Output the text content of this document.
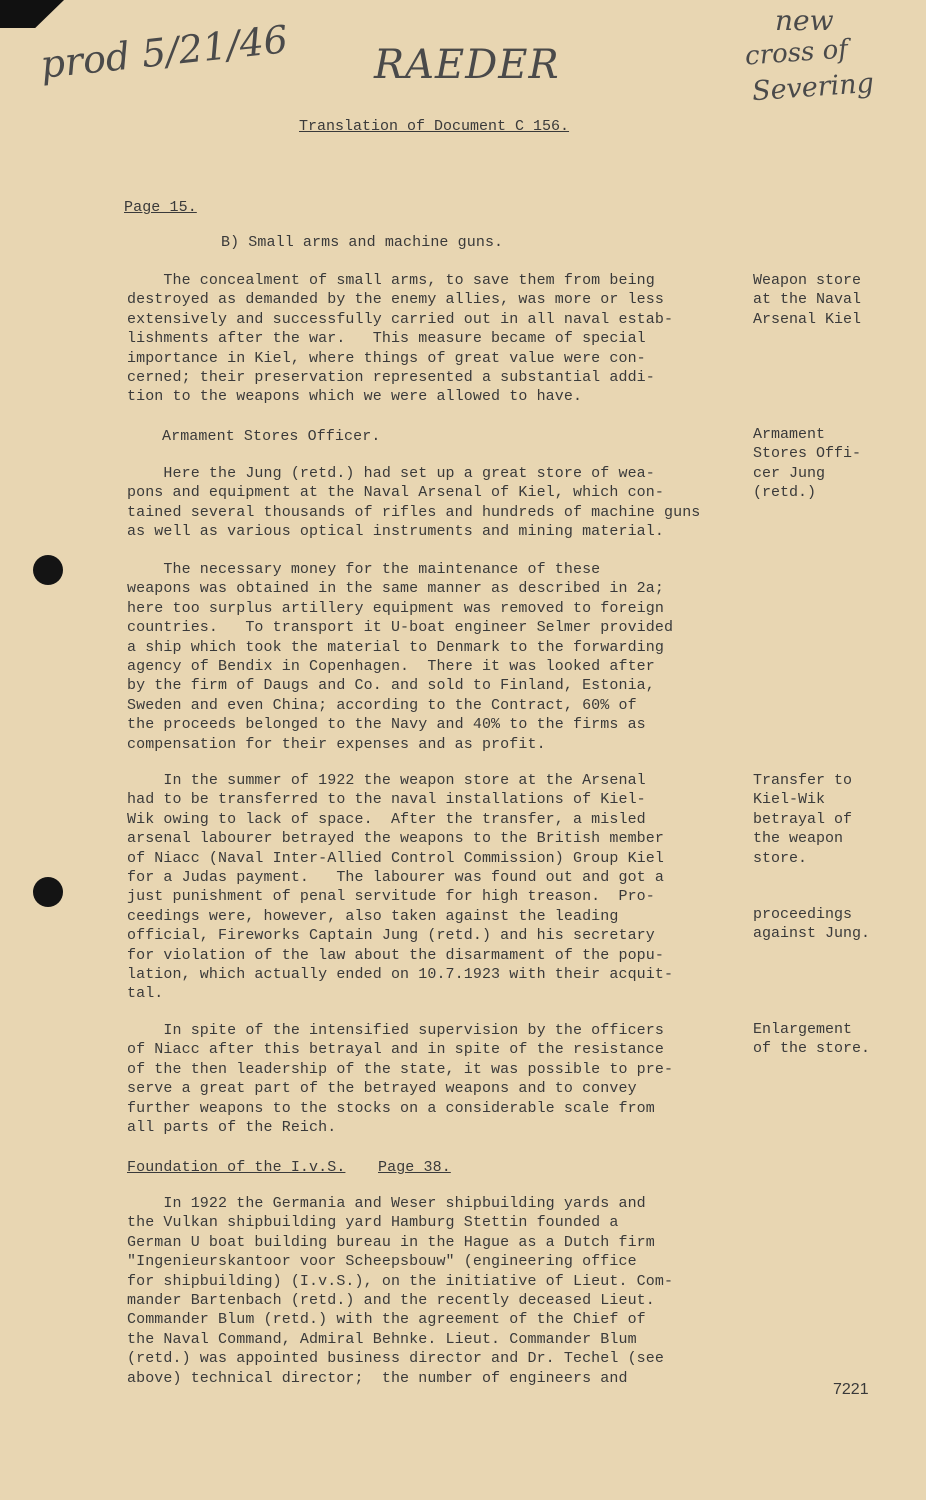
prod 5/21/46 RAEDER
new
cross of
Severing
Translation of Document C 156.
Page 15.
B) Small arms and machine guns.
The concealment of small arms, to save them from being
destroyed as demanded by the enemy allies, was more or less
extensively and successfully carried out in all naval estab-
lishments after the war.   This measure became of special
importance in Kiel, where things of great value were con-
cerned; their preservation represented a substantial addi-
tion to the weapons which we were allowed to have.
Armament Stores Officer.
Here the Jung (retd.) had set up a great store of wea-
pons and equipment at the Naval Arsenal of Kiel, which con-
tained several thousands of rifles and hundreds of machine guns
as well as various optical instruments and mining material.
The necessary money for the maintenance of these
weapons was obtained in the same manner as described in 2a;
here too surplus artillery equipment was removed to foreign
countries.   To transport it U-boat engineer Selmer provided
a ship which took the material to Denmark to the forwarding
agency of Bendix in Copenhagen.  There it was looked after
by the firm of Daugs and Co. and sold to Finland, Estonia,
Sweden and even China; according to the Contract, 60% of
the proceeds belonged to the Navy and 40% to the firms as
compensation for their expenses and as profit.
In the summer of 1922 the weapon store at the Arsenal
had to be transferred to the naval installations of Kiel-
Wik owing to lack of space.  After the transfer, a misled
arsenal labourer betrayed the weapons to the British member
of Niacc (Naval Inter-Allied Control Commission) Group Kiel
for a Judas payment.   The labourer was found out and got a
just punishment of penal servitude for high treason.  Pro-
ceedings were, however, also taken against the leading
official, Fireworks Captain Jung (retd.) and his secretary
for violation of the law about the disarmament of the popu-
lation, which actually ended on 10.7.1923 with their acquit-
tal.
In spite of the intensified supervision by the officers
of Niacc after this betrayal and in spite of the resistance
of the then leadership of the state, it was possible to pre-
serve a great part of the betrayed weapons and to convey
further weapons to the stocks on a considerable scale from
all parts of the Reich.
Foundation of the I.v.S. Page 38.
In 1922 the Germania and Weser shipbuilding yards and
the Vulkan shipbuilding yard Hamburg Stettin founded a
German U boat building bureau in the Hague as a Dutch firm
"Ingenieurskantoor voor Scheepsbouw" (engineering office
for shipbuilding) (I.v.S.), on the initiative of Lieut. Com-
mander Bartenbach (retd.) and the recently deceased Lieut.
Commander Blum (retd.) with the agreement of the Chief of
the Naval Command, Admiral Behnke. Lieut. Commander Blum
(retd.) was appointed business director and Dr. Techel (see
above) technical director;  the number of engineers and
Weapon store
at the Naval
Arsenal Kiel
Armament
Stores Offi-
cer Jung
(retd.)
Transfer to
Kiel-Wik
betrayal of
the weapon
store.
proceedings
against Jung.
Enlargement
of the store.
7221
